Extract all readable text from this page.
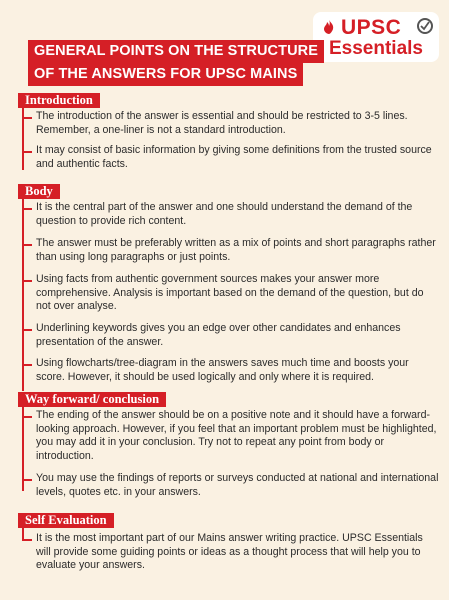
UPSC
Essentials
GENERAL POINTS ON THE STRUCTURE
OF THE ANSWERS FOR UPSC MAINS
Introduction
The introduction of the answer is essential and should be restricted to 3-5 lines. Remember, a one-liner is not a standard introduction.
It may consist of basic information by giving some definitions from the trusted source and authentic facts.
Body
It is the central part of the answer and one should understand the demand of the question to provide rich content.
The answer must be preferably written as a mix of points and short paragraphs rather than using long paragraphs or just points.
Using facts from authentic government sources makes your answer more comprehensive. Analysis is important based on the demand of the question, but do not over analyse.
Underlining keywords gives you an edge over other candidates and enhances presentation of the answer.
Using flowcharts/tree-diagram in the answers saves much time and boosts your score. However, it should be used logically and only where it is required.
Way forward/ conclusion
The ending of the answer should be on a positive note and it should have a forward-looking approach. However, if you feel that an important problem must be highlighted, you may add it in your conclusion. Try not to repeat any point from body or introduction.
You may use the findings of reports or surveys conducted at national and international levels, quotes etc. in your answers.
Self Evaluation
It is the most important part of our Mains answer writing practice. UPSC Essentials will provide some guiding points or ideas as a thought process that will help you to evaluate your answers.
